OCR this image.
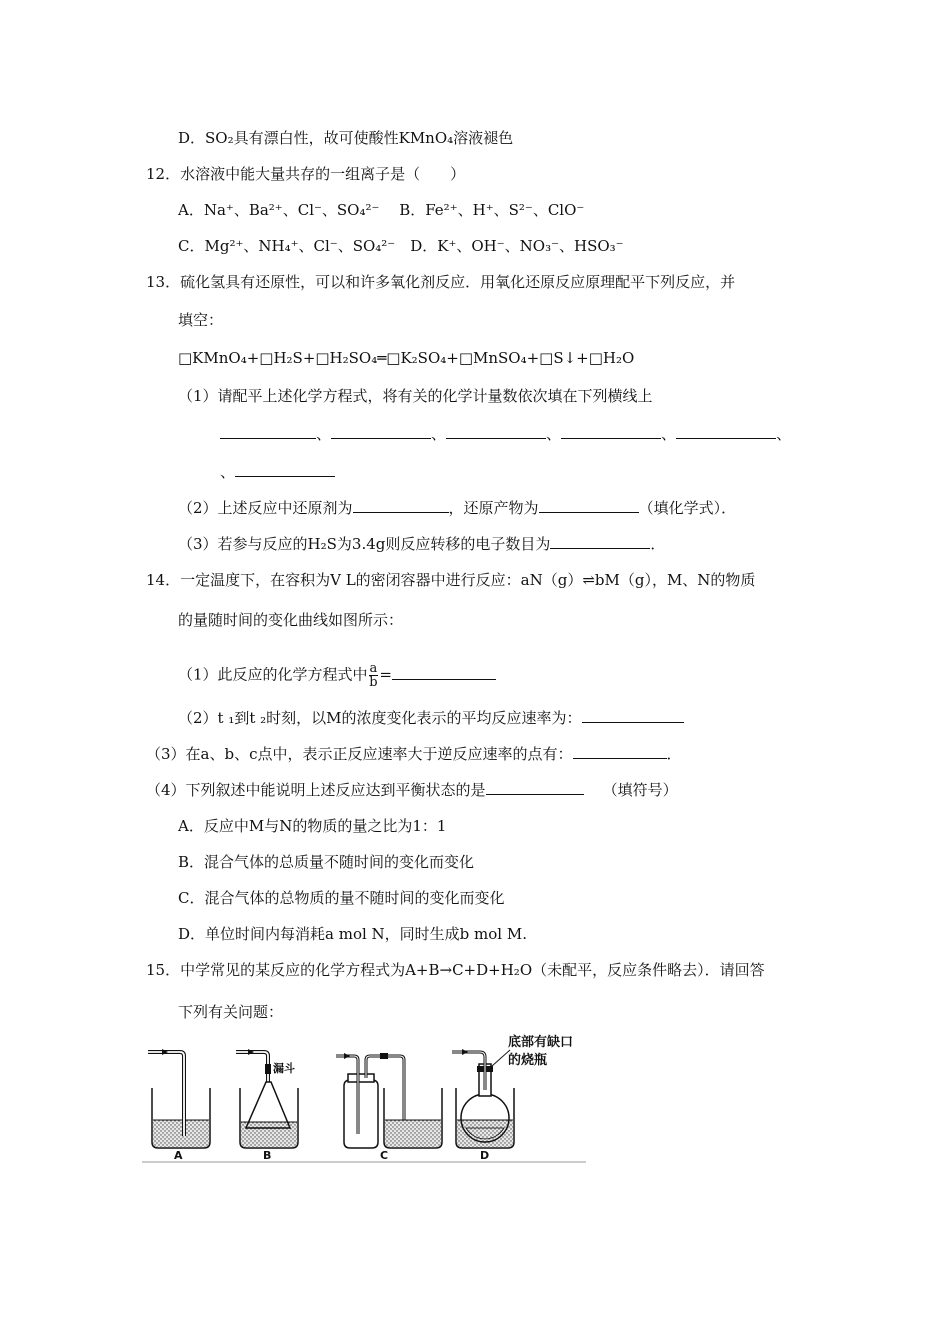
D．SO₂具有漂白性，故可使酸性KMnO₄溶液褪色
12．水溶液中能大量共存的一组离子是（　　）
A．Na⁺、Ba²⁺、Cl⁻、SO₄²⁻　 B．Fe²⁺、H⁺、S²⁻、ClO⁻
C．Mg²⁺、NH₄⁺、Cl⁻、SO₄²⁻　D．K⁺、OH⁻、NO₃⁻、HSO₃⁻
13．硫化氢具有还原性，可以和许多氧化剂反应．用氧化还原反应原理配平下列反应，并
填空：
□KMnO₄+□H₂S+□H₂SO₄═□K₂SO₄+□MnSO₄+□S↓+□H₂O
（1）请配平上述化学方程式，将有关的化学计量数依次填在下列横线上
、	、	、	、	、
、
（2）上述反应中还原剂为	，还原产物为	（填化学式）．
（3）若参与反应的H₂S为3.4g则反应转移的电子数目为	．
14．一定温度下，在容积为V L的密闭容器中进行反应：aN（g）⇌bM（g），M、N的物质
的量随时间的变化曲线如图所示：
（1）此反应的化学方程式中 $\frac{a}{b}$ =
（2）t ₁到t ₂时刻，以M的浓度变化表示的平均反应速率为：
（3）在a、b、c点中，表示正反应速率大于逆反应速率的点有：	．
（4）下列叙述中能说明上述反应达到平衡状态的是	（填符号）
A．反应中M与N的物质的量之比为1：1
B．混合气体的总质量不随时间的变化而变化
C．混合气体的总物质的量不随时间的变化而变化
D．单位时间内每消耗a mol N，同时生成b mol M.
15．中学常见的某反应的化学方程式为A+B→C+D+H₂O（未配平，反应条件略去）．请回答
下列有关问题：
漏斗
底部有缺口
的烧瓶
A	B	C	D
